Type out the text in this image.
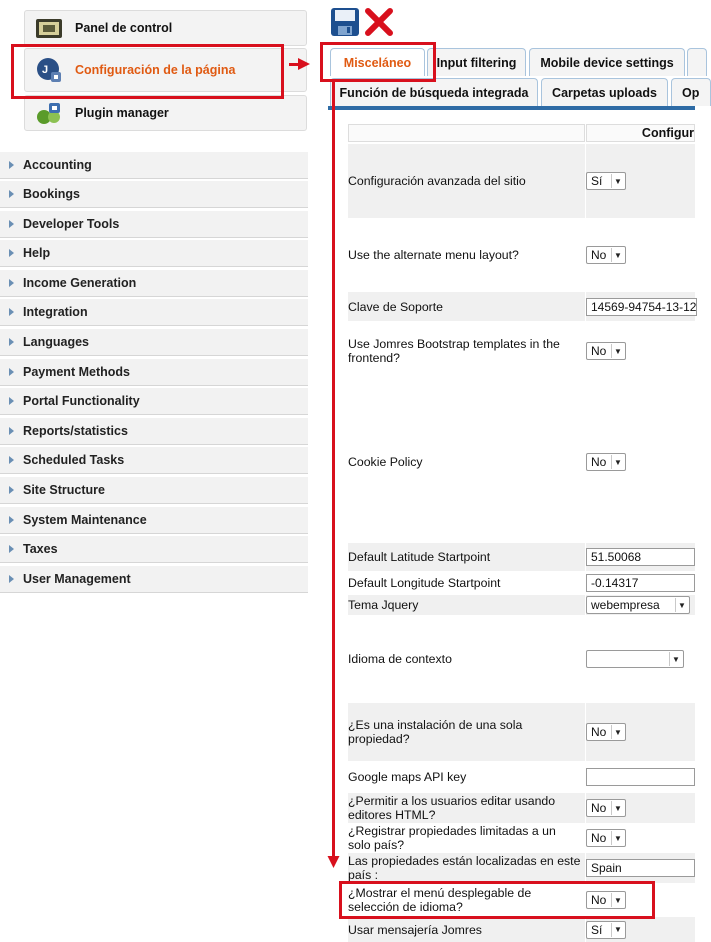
Panel de control
J Configuración de la página
Plugin manager
Accounting
Bookings
Developer Tools
Help
Income Generation
Integration
Languages
Payment Methods
Portal Functionality
Reports/statistics
Scheduled Tasks
Site Structure
System Maintenance
Taxes
User Management
Misceláneo	Input filtering	Mobile device settings
Función de búsqueda integrada	Carpetas uploads	Op
Configur
Configuración avanzada del sitio	Sí	▼
Use the alternate menu layout?	No ▼
Clave de Soporte	14569-94754-13-12
Use Jomres Bootstrap templates in the frontend?	No ▼
Cookie Policy	No ▼
Default Latitude Startpoint	51.50068
Default Longitude Startpoint	-0.14317
Tema Jquery	webempresa	▼
Idioma de contexto	▼
¿Es una instalación de una sola propiedad?	No ▼
Google maps API key
¿Permitir a los usuarios editar usando editores HTML?	No ▼
¿Registrar propiedades limitadas a un solo país?	No ▼
Las propiedades están localizadas en este país :	Spain
¿Mostrar el menú desplegable de selección de idioma?	No ▼
Usar mensajería Jomres	Sí	▼
